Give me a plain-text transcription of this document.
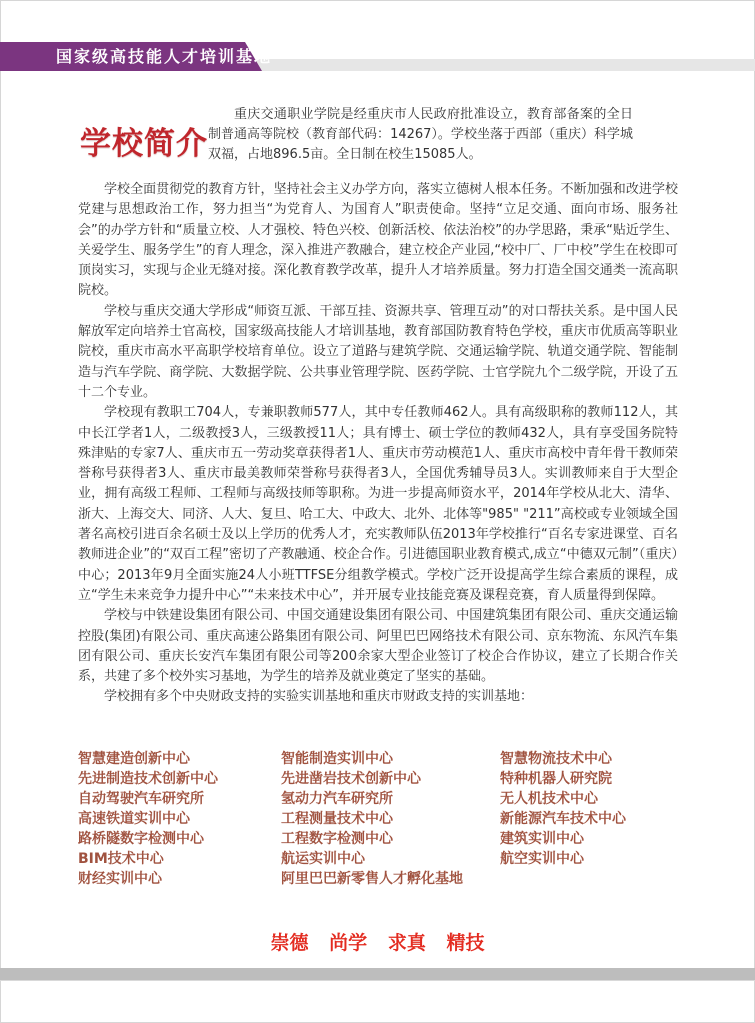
国家级高技能人才培训基地
学校简介

重庆交通职业学院是经重庆市人民政府批准设立，教育部备案的全日制普通高等院校（教育部代码：14267）。学校坐落于西部（重庆）科学城双福，占地896.5亩。全日制在校生15085人。

学校全面贯彻党的教育方针，坚持社会主义办学方向，落实立德树人根本任务。不断加强和改进学校党建与思想政治工作，努力担当“为党育人、为国育人”职责使命。坚持“立足交通、面向市场、服务社会”的办学方针和“质量立校、人才强校、特色兴校、创新活校、依法治校”的办学思路，秉承“贴近学生、关爱学生、服务学生”的育人理念，深入推进产教融合，建立校企产业园,“校中厂、厂中校”学生在校即可顶岗实习，实现与企业无缝对接。深化教育教学改革，提升人才培养质量。努力打造全国交通类一流高职院校。

学校与重庆交通大学形成“师资互派、干部互挂、资源共享、管理互动”的对口帮扶关系。是中国人民解放军定向培养士官高校，国家级高技能人才培训基地，教育部国防教育特色学校，重庆市优质高等职业院校，重庆市高水平高职学校培育单位。设立了道路与建筑学院、交通运输学院、轨道交通学院、智能制造与汽车学院、商学院、大数据学院、公共事业管理学院、医药学院、士官学院九个二级学院，开设了五十二个专业。

学校现有教职工704人，专兼职教师577人，其中专任教师462人。具有高级职称的教师112人，其中长江学者1人，二级教授3人，三级教授11人；具有博士、硕士学位的教师432人，具有享受国务院特殊津贴的专家7人、重庆市五一劳动奖章获得者1人、重庆市劳动模范1人、重庆市高校中青年骨干教师荣誉称号获得者3人、重庆市最美教师荣誉称号获得者3人，全国优秀辅导员3人。实训教师来自于大型企业，拥有高级工程师、工程师与高级技师等职称。为进一步提高师资水平，2014年学校从北大、清华、浙大、上海交大、同济、人大、复旦、哈工大、中政大、北外、北体等"985" "211”高校或专业领域全国著名高校引进百余名硕士及以上学历的优秀人才，充实教师队伍2013年学校推行“百名专家进课堂、百名教师进企业”的“双百工程”密切了产教融通、校企合作。引进德国职业教育模式,成立“中德双元制”（重庆）中心；2013年9月全面实施24人小班TTFSE分组教学模式。学校广泛开设提高学生综合素质的课程，成立“学生未来竞争力提升中心”“未来技术中心”，并开展专业技能竞赛及课程竞赛，育人质量得到保障。

学校与中铁建设集团有限公司、中国交通建设集团有限公司、中国建筑集团有限公司、重庆交通运输控股(集团)有限公司、重庆高速公路集团有限公司、阿里巴巴网络技术有限公司、京东物流、东风汽车集团有限公司、重庆长安汽车集团有限公司等200余家大型企业签订了校企合作协议，建立了长期合作关系，共建了多个校外实习基地，为学生的培养及就业奠定了坚实的基础。

学校拥有多个中央财政支持的实验实训基地和重庆市财政支持的实训基地：

智慧建造创新中心
先进制造技术创新中心
自动驾驶汽车研究所
高速铁道实训中心
路桥隧数字检测中心
BIM技术中心
财经实训中心
智能制造实训中心
先进凿岩技术创新中心
氢动力汽车研究所
工程测量技术中心
工程数字检测中心
航运实训中心
阿里巴巴新零售人才孵化基地
智慧物流技术中心
特种机器人研究院
无人机技术中心
新能源汽车技术中心
建筑实训中心
航空实训中心
崇德 尚学 求真 精技
